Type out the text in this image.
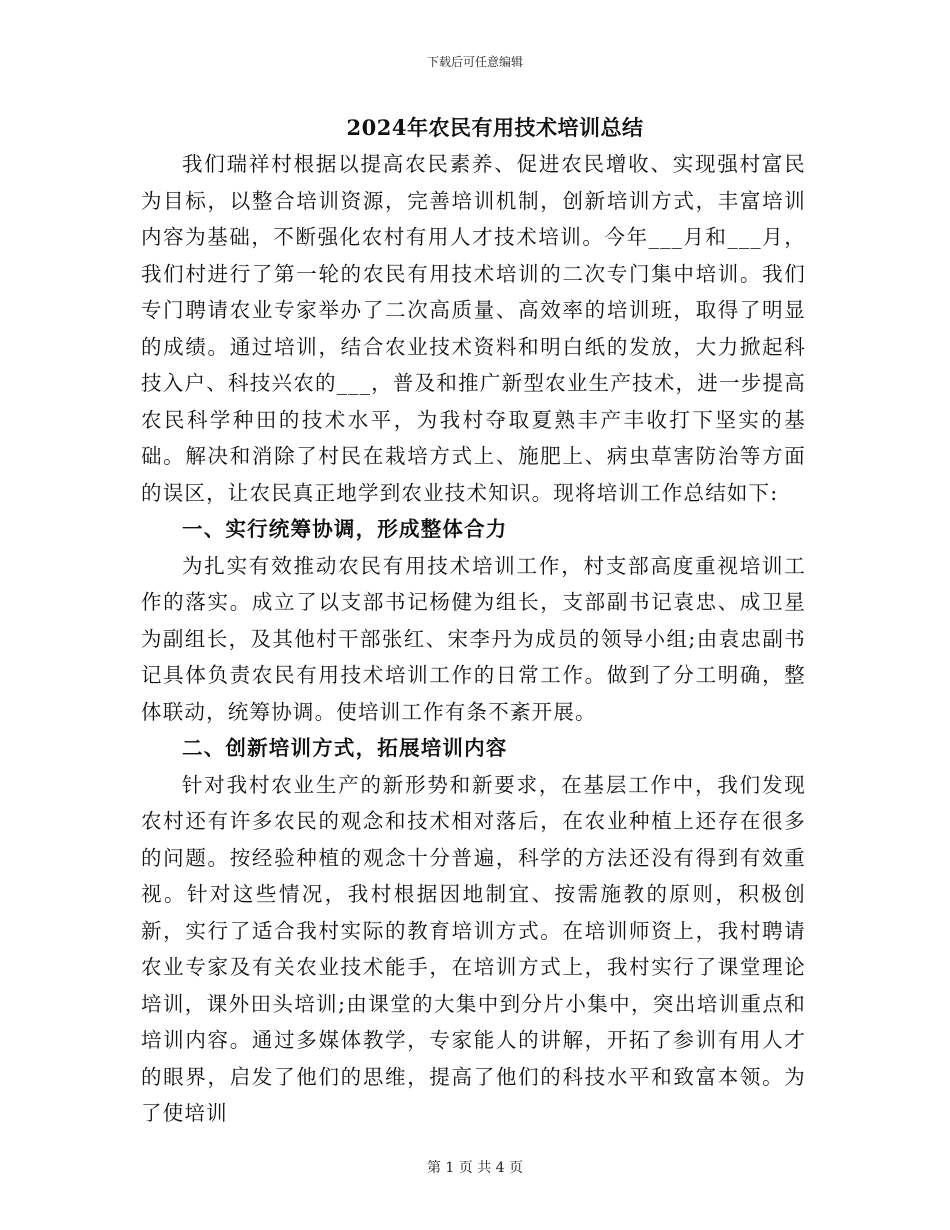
下载后可任意编辑
2024年农民有用技术培训总结

我们瑞祥村根据以提高农民素养、促进农民增收、实现强村富民为目标，以整合培训资源，完善培训机制，创新培训方式，丰富培训内容为基础，不断强化农村有用人才技术培训。今年___月和___月，我们村进行了第一轮的农民有用技术培训的二次专门集中培训。我们专门聘请农业专家举办了二次高质量、高效率的培训班，取得了明显的成绩。通过培训，结合农业技术资料和明白纸的发放，大力掀起科技入户、科技兴农的___，普及和推广新型农业生产技术，进一步提高农民科学种田的技术水平，为我村夺取夏熟丰产丰收打下坚实的基础。解决和消除了村民在栽培方式上、施肥上、病虫草害防治等方面的误区，让农民真正地学到农业技术知识。现将培训工作总结如下:

一、实行统筹协调，形成整体合力

为扎实有效推动农民有用技术培训工作，村支部高度重视培训工作的落实。成立了以支部书记杨健为组长，支部副书记袁忠、成卫星为副组长，及其他村干部张红、宋李丹为成员的领导小组;由袁忠副书记具体负责农民有用技术培训工作的日常工作。做到了分工明确，整体联动，统筹协调。使培训工作有条不紊开展。

二、创新培训方式，拓展培训内容

针对我村农业生产的新形势和新要求，在基层工作中，我们发现农村还有许多农民的观念和技术相对落后，在农业种植上还存在很多的问题。按经验种植的观念十分普遍，科学的方法还没有得到有效重视。针对这些情况，我村根据因地制宜、按需施教的原则，积极创新，实行了适合我村实际的教育培训方式。在培训师资上，我村聘请农业专家及有关农业技术能手，在培训方式上，我村实行了课堂理论培训，课外田头培训;由课堂的大集中到分片小集中，突出培训重点和培训内容。通过多媒体教学，专家能人的讲解，开拓了参训有用人才的眼界，启发了他们的思维，提高了他们的科技水平和致富本领。为了使培训

第 1 页 共 4 页
